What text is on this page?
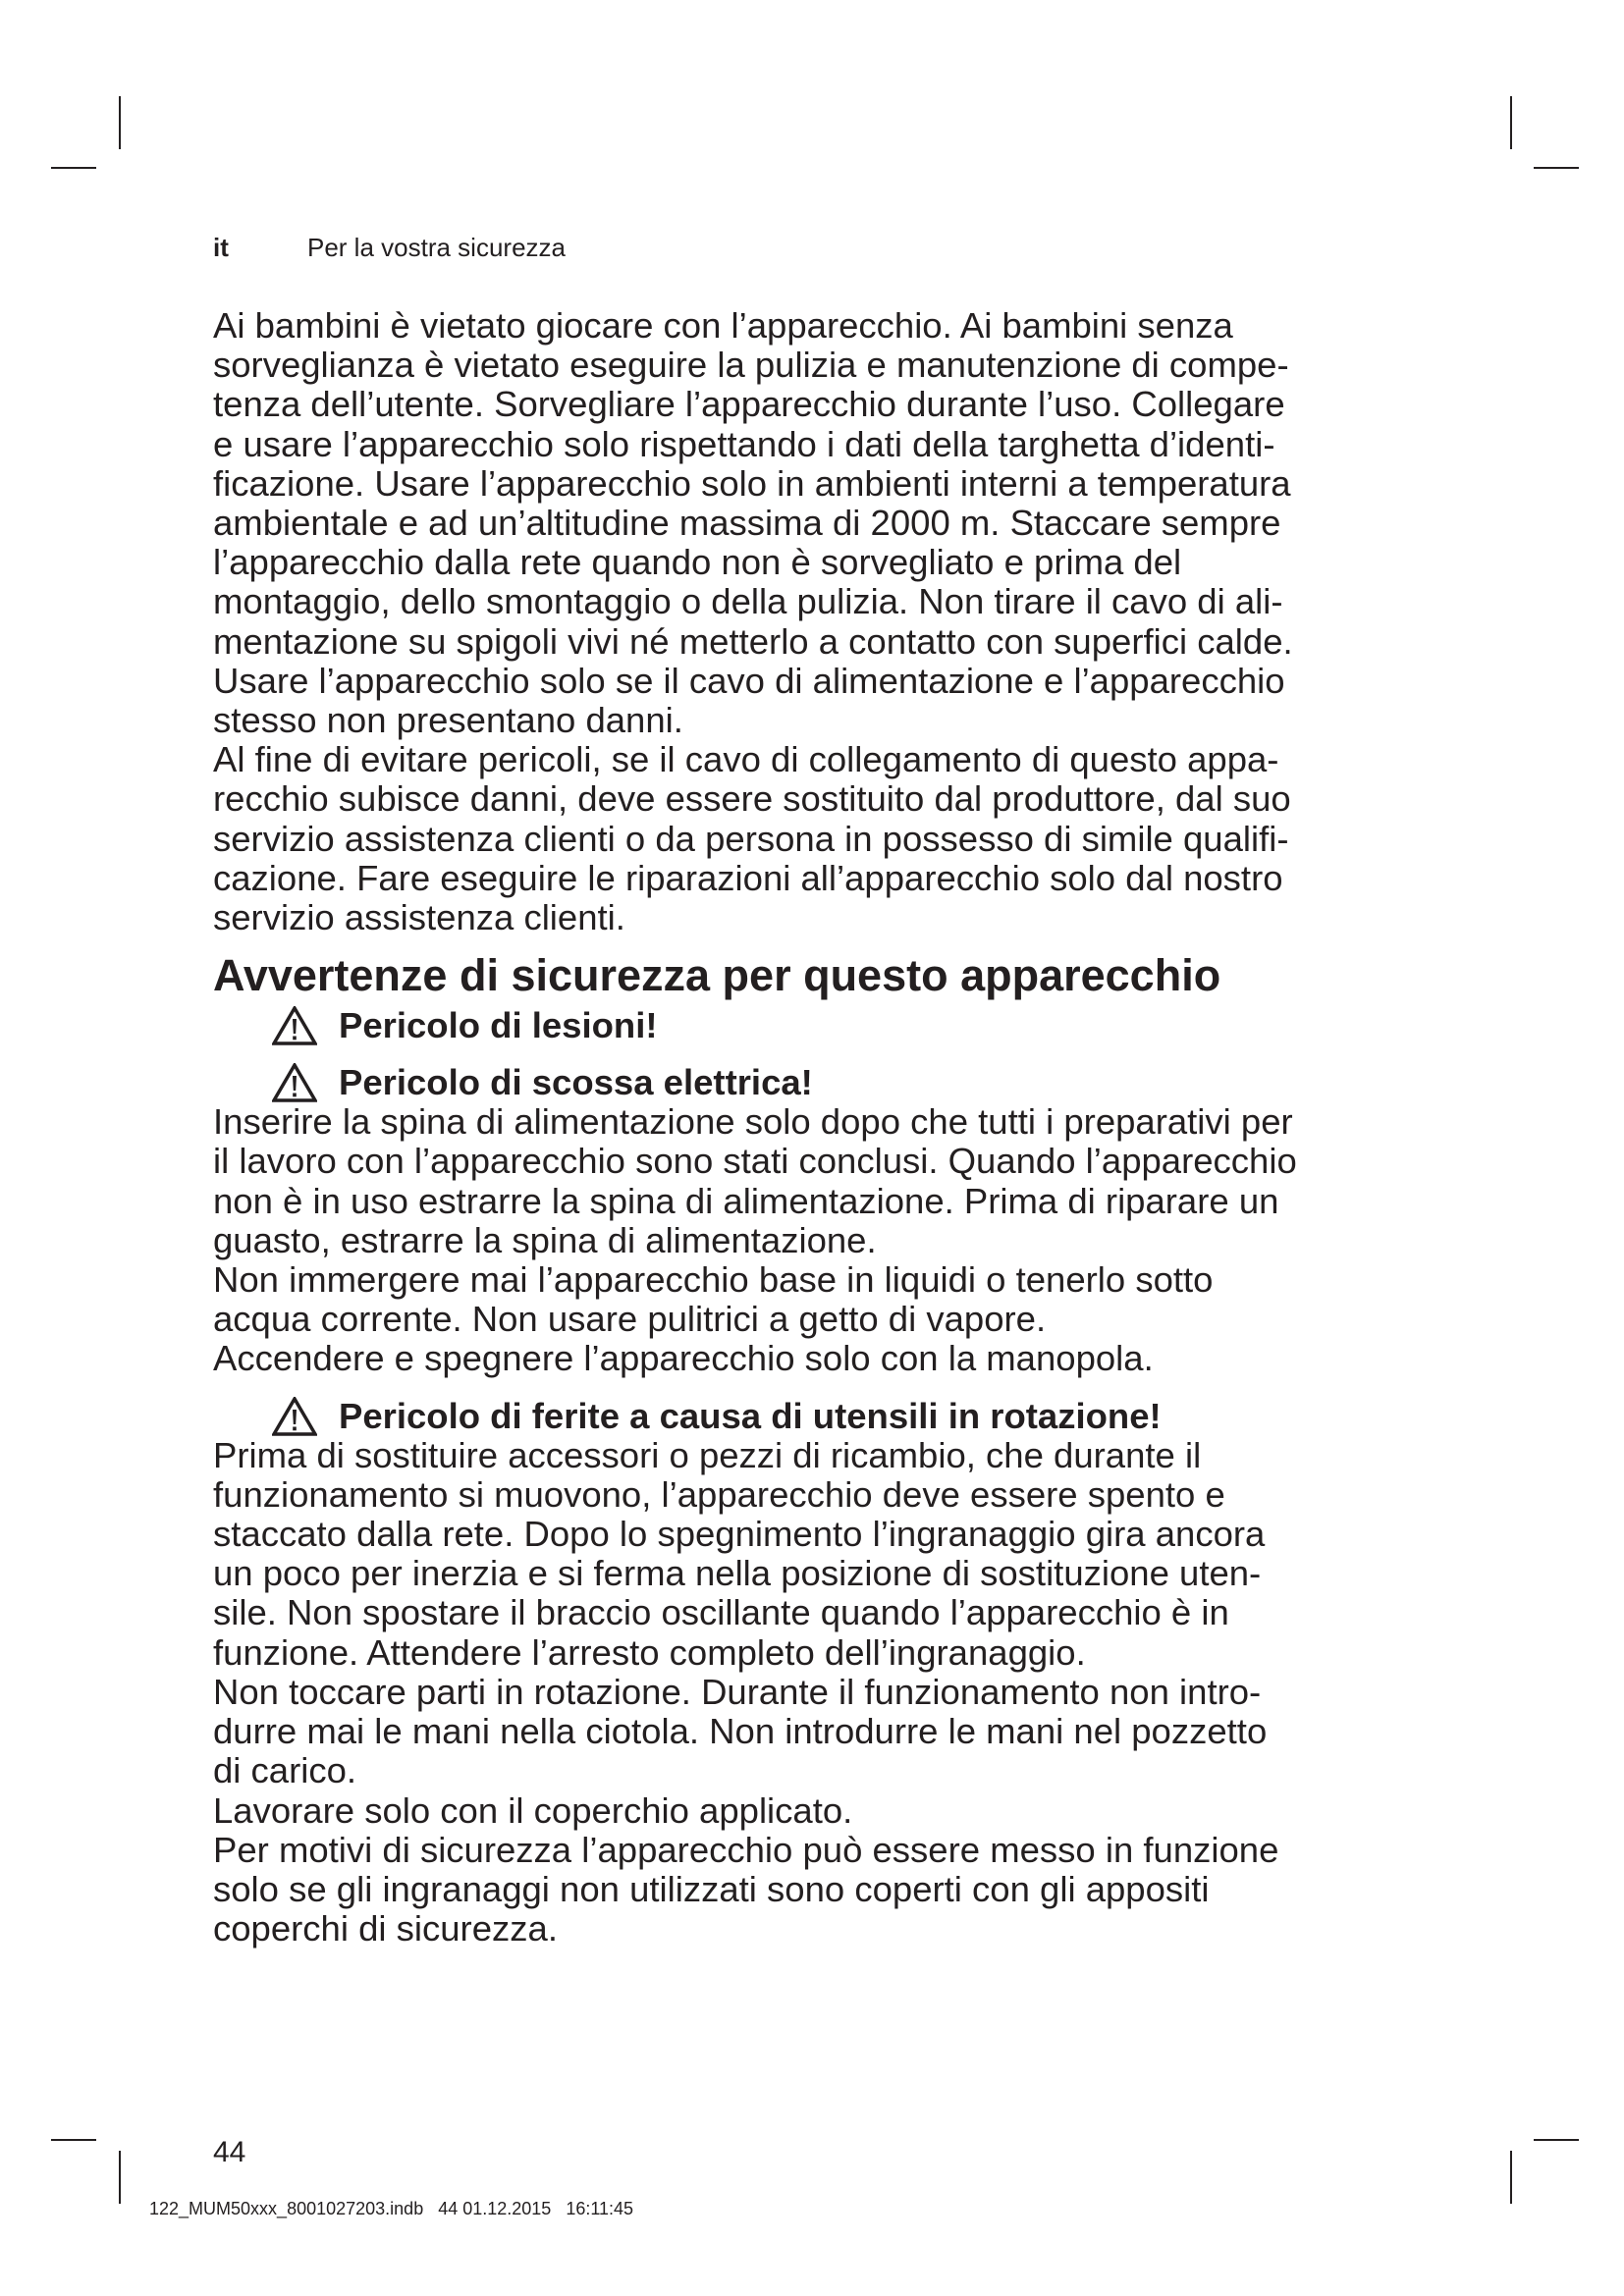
it	Per la vostra sicurezza

Ai bambini è vietato giocare con l’apparecchio. Ai bambini senza
sorveglianza è vietato eseguire la pulizia e manutenzione di compe-
tenza dell’utente. Sorvegliare l’apparecchio durante l’uso. Collegare
e usare l’apparecchio solo rispettando i dati della targhetta d’identi-
ficazione. Usare l’apparecchio solo in ambienti interni a temperatura
ambientale e ad un’altitudine massima di 2000 m. Staccare sempre
l’apparecchio dalla rete quando non è sorvegliato e prima del
montaggio, dello smontaggio o della pulizia. Non tirare il cavo di ali-
mentazione su spigoli vivi né metterlo a contatto con superfici calde.
Usare l’apparecchio solo se il cavo di alimentazione e l’apparecchio
stesso non presentano danni.

Al fine di evitare pericoli, se il cavo di collegamento di questo appa-
recchio subisce danni, deve essere sostituito dal produttore, dal suo
servizio assistenza clienti o da persona in possesso di simile qualifi-
cazione. Fare eseguire le riparazioni all’apparecchio solo dal nostro
servizio assistenza clienti.

Avvertenze di sicurezza per questo apparecchio
Pericolo di lesioni!
Pericolo di scossa elettrica!

Inserire la spina di alimentazione solo dopo che tutti i preparativi per
il lavoro con l’apparecchio sono stati conclusi. Quando l’apparecchio
non è in uso estrarre la spina di alimentazione. Prima di riparare un
guasto, estrarre la spina di alimentazione.

Non immergere mai l’apparecchio base in liquidi o tenerlo sotto
acqua corrente. Non usare pulitrici a getto di vapore.

Accendere e spegnere l’apparecchio solo con la manopola.

Pericolo di ferite a causa di utensili in rotazione!

Prima di sostituire accessori o pezzi di ricambio, che durante il
funzionamento si muovono, l’apparecchio deve essere spento e
staccato dalla rete. Dopo lo spegnimento l’ingranaggio gira ancora
un poco per inerzia e si ferma nella posizione di sostituzione uten-
sile. Non spostare il braccio oscillante quando l’apparecchio è in
funzione. Attendere l’arresto completo dell’ingranaggio.

Non toccare parti in rotazione. Durante il funzionamento non intro-
durre mai le mani nella ciotola. Non introdurre le mani nel pozzetto
di carico.

Lavorare solo con il coperchio applicato.

Per motivi di sicurezza l’apparecchio può essere messo in funzione
solo se gli ingranaggi non utilizzati sono coperti con gli appositi
coperchi di sicurezza.

44
122_MUM50xxx_8001027203.indb   44 01.12.2015   16:11:45
